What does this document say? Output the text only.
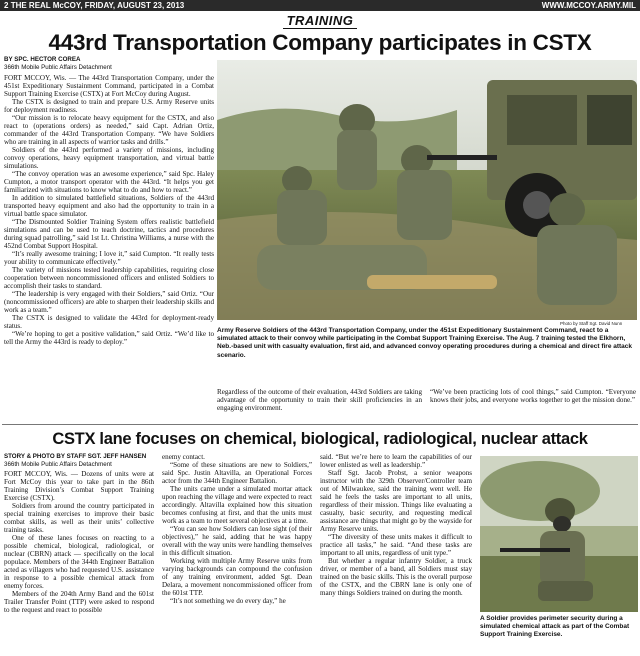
2 THE REAL McCOY, FRIDAY, AUGUST 23, 2013	WWW.MCCOY.ARMY.MIL
TRAINING
443rd Transportation Company participates in CSTX
BY SPC. HECTOR COREA
366th Mobile Public Affairs Detachment

FORT MCCOY, Wis. — The 443rd Transportation Company, under the 451st Expeditionary Sustainment Command, participated in a Combat Support Training Exercise (CSTX) at Fort McCoy during August.

The CSTX is designed to train and prepare U.S. Army Reserve units for deployment readiness.

“Our mission is to relocate heavy equipment for the CSTX, and also react to (operations orders) as needed,” said Capt. Adrian Ortiz, commander of the 443rd Transportation Company. “We have Soldiers who are training in all aspects of warrior tasks and drills.”

Soldiers of the 443rd performed a variety of missions, including convoy operations, heavy equipment transportation, and virtual battle simulations.

“The convoy operation was an awesome experience,” said Spc. Haley Cumpton, a motor transport operator with the 443rd. “It helps you get familiarized with situations to know what to do and how to react.”

In addition to simulated battlefield situations, Soldiers of the 443rd transported heavy equipment and also had the opportunity to train in a virtual battle space simulator.

“The Dismounted Soldier Training System offers realistic battlefield simulations and can be used to teach doctrine, tactics and procedures during squad patrolling,” said 1st Lt. Christina Williams, a nurse with the 452nd Combat Support Hospital.

“It’s really awesome training; I love it,” said Cumpton. “It really tests your ability to communicate effectively.”

The variety of missions tested leadership capabilities, requiring close cooperation between noncommissioned officers and enlisted Soldiers to accomplish their tasks to standard.

“The leadership is very engaged with their Soldiers,” said Ortiz. “Our (noncommissioned officers) are able to sharpen their leadership skills and work as a team.”

The CSTX is designed to validate the 443rd for deployment-ready status.

“We’re hoping to get a positive validation,” said Ortiz. “We’d like to tell the Army the 443rd is ready to deploy.”

Photo by Staff Sgt. David Nunn
Army Reserve Soldiers of the 443rd Transportation Company, under the 451st Expeditionary Sustainment Command, react to a simulated attack to their convoy while participating in the Combat Support Training Exercise. The Aug. 7 training tested the Elkhorn, Neb.-based unit with casualty evaluation, first aid, and advanced convoy operating procedures during a chemical and direct fire attack scenario.

Regardless of the outcome of their evaluation, 443rd Soldiers are taking advantage of the opportunity to train their skill proficiencies in an engaging environment.

“We’ve been practicing lots of cool things,” said Cumpton. “Everyone knows their jobs, and everyone works together to get the mission done.”

CSTX lane focuses on chemical, biological, radiological, nuclear attack
STORY & PHOTO BY STAFF SGT. JEFF HANSEN
366th Mobile Public Affairs Detachment

FORT MCCOY, Wis. — Dozens of units were at Fort McCoy this year to take part in the 86th Training Division’s Combat Support Training Exercise (CSTX).

Soldiers from around the country participated in special training exercises to improve their basic combat skills, as well as their units’ collective training tasks.

One of these lanes focuses on reacting to a possible chemical, biological, radiological, or nuclear (CBRN) attack — specifically on the local populace. Members of the 344th Engineer Battalion acted as villagers who had requested U.S. assistance in response to a possible chemical attack from enemy forces.

Members of the 204th Army Band and the 601st Trailer Transfer Point (TTP) were asked to respond to the request and react to possible

enemy contact.

“Some of these situations are new to Soldiers,” said Spc. Justin Altavilla, an Operational Forces actor from the 344th Engineer Battalion.

The units came under a simulated mortar attack upon reaching the village and were expected to react accordingly. Altavilla explained how this situation becomes confusing at first, and that the units must work as a team to meet several objectives at a time.

“You can see how Soldiers can lose sight (of their objectives),” he said, adding that he was happy overall with the way units were handling themselves in this difficult situation.

Working with multiple Army Reserve units from varying backgrounds can compound the confusion of any training environment, added Sgt. Dean Delara, a movement noncommissioned officer from the 601st TTP.

“It’s not something we do every day,” he

said. “But we’re here to learn the capabilities of our lower enlisted as well as leadership.”

Staff Sgt. Jacob Probst, a senior weapons instructor with the 329th Observer/Controller team out of Milwaukee, said the training went well. He said he feels the tasks are important to all units, regardless of their mission. Things like evaluating a casualty, basic security, and requesting medical assistance are things that might go by the wayside for Army Reserve units.

“The diversity of these units makes it difficult to practice all tasks,” he said. “And these tasks are important to all units, regardless of unit type.”

But whether a regular infantry Soldier, a truck driver, or member of a band, all Soldiers must stay trained on the basic skills. This is the overall purpose of the CSTX, and the CBRN lane is only one of many things Soldiers trained on during the month.

A Soldier provides perimeter security during a simulated chemical attack as part of the Combat Support Training Exercise.
